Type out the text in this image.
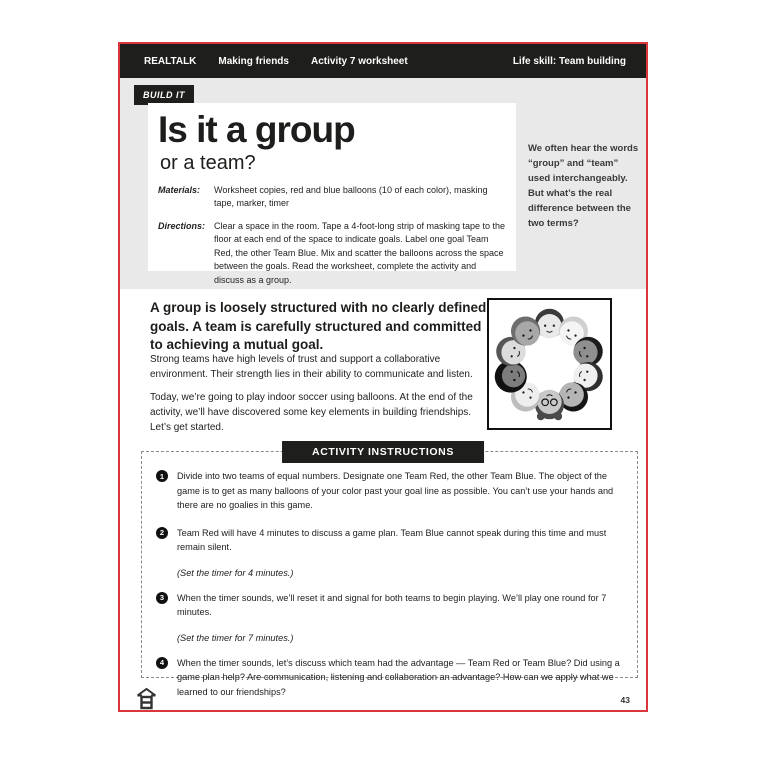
REALTALK Making friends Activity 7 worksheet	Life skill: Team building
BUILD IT
Is it a group
or a team?
Materials:	Worksheet copies, red and blue balloons (10 of each color), masking tape, marker, timer
Directions: Clear a space in the room. Tape a 4-foot-long strip of masking tape to the floor at each end of the space to indicate goals. Label one goal Team Red, the other Team Blue. Mix and scatter the balloons across the space between the goals. Read the worksheet, complete the activity and discuss as a group.
We often hear the words “group” and “team” used interchangeably. But what’s the real difference between the two terms?
A group is loosely structured with no clearly defined goals. A team is carefully structured and committed to achieving a mutual goal.
Strong teams have high levels of trust and support a collaborative environment. Their strength lies in their ability to communicate and listen.
Today, we’re going to play indoor soccer using balloons. At the end of the activity, we’ll have discovered some key elements in building friendships. Let’s get started.
1	Divide into two teams of equal numbers. Designate one Team Red, the other Team Blue. The object of the game is to get as many balloons of your color past your goal line as possible. You can’t use your hands and there are no goalies in this game.
2	Team Red will have 4 minutes to discuss a game plan. Team Blue cannot speak during this time and must remain silent.
(Set the timer for 4 minutes.)
3	When the timer sounds, we’ll reset it and signal for both teams to begin playing. We’ll play one round for 7 minutes.
(Set the timer for 7 minutes.)
4	When the timer sounds, let’s discuss which team had the advantage — Team Red or Team Blue? Did using a game plan help? Are communication, listening and collaboration an advantage? How can we apply what we learned to our friendships?
ACTIVITY INSTRUCTIONS
43
